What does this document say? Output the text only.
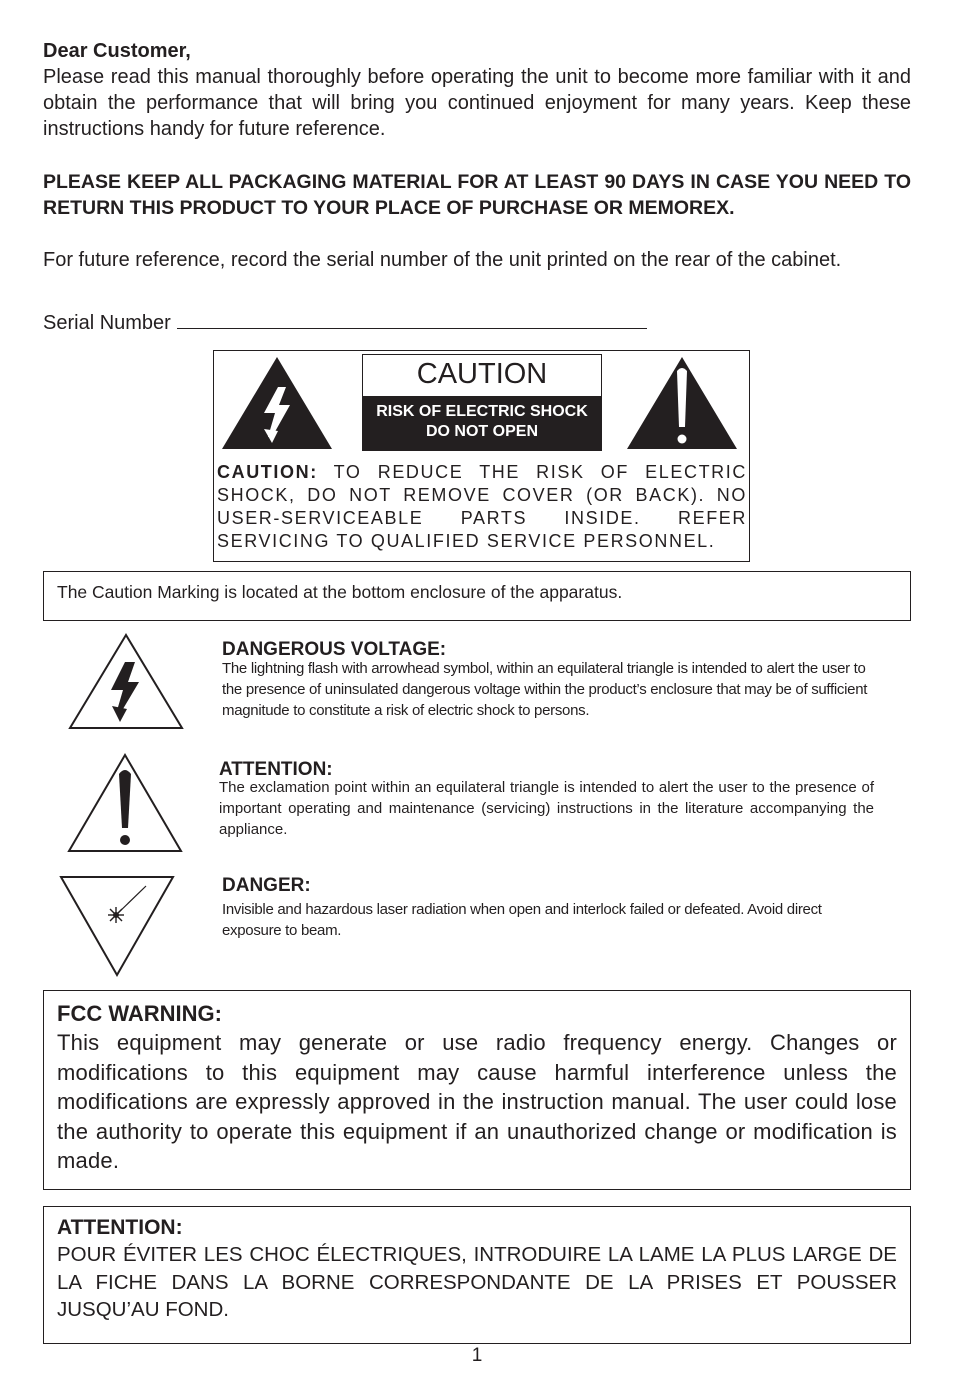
Dear Customer,
Please read this manual thoroughly before operating the unit to become more familiar with it and obtain the performance that will bring you continued enjoyment for many years. Keep these instructions handy for future reference.
PLEASE KEEP ALL PACKAGING MATERIAL FOR AT LEAST 90 DAYS IN CASE YOU NEED TO RETURN THIS PRODUCT TO YOUR PLACE OF PURCHASE OR MEMOREX.
For future reference, record the serial number of the unit printed on the rear of the cabinet.
Serial Number
CAUTION
RISK OF ELECTRIC SHOCK
DO NOT OPEN
CAUTION: TO REDUCE THE RISK OF ELECTRIC SHOCK, DO NOT REMOVE COVER (OR BACK). NO USER-SERVICEABLE PARTS INSIDE. REFER SERVICING TO QUALIFIED SERVICE PERSONNEL.
The Caution Marking is located at the bottom enclosure of the apparatus.
DANGEROUS VOLTAGE:
The lightning flash with arrowhead symbol, within an equilateral triangle is intended to alert the user to the presence of uninsulated dangerous voltage within the product’s enclosure that may be of sufficient magnitude to constitute a risk of electric shock to persons.
ATTENTION:
The exclamation point within an equilateral triangle is intended to alert the user to the presence of important operating and maintenance (servicing) instructions in the literature accompanying the appliance.
DANGER:
Invisible and hazardous laser radiation when open and interlock failed or defeated. Avoid direct exposure to beam.
FCC WARNING:
This equipment may generate or use radio frequency energy. Changes or modifications to this equipment may cause harmful interference unless the modifications are expressly approved in the instruction manual. The user could lose the authority to operate this equipment if an unauthorized change or modification is made.
ATTENTION:
POUR ÉVITER LES CHOC ÉLECTRIQUES, INTRODUIRE LA LAME LA PLUS LARGE DE LA FICHE DANS LA BORNE CORRESPONDANTE DE LA PRISES ET POUSSER JUSQU’AU FOND.
1
